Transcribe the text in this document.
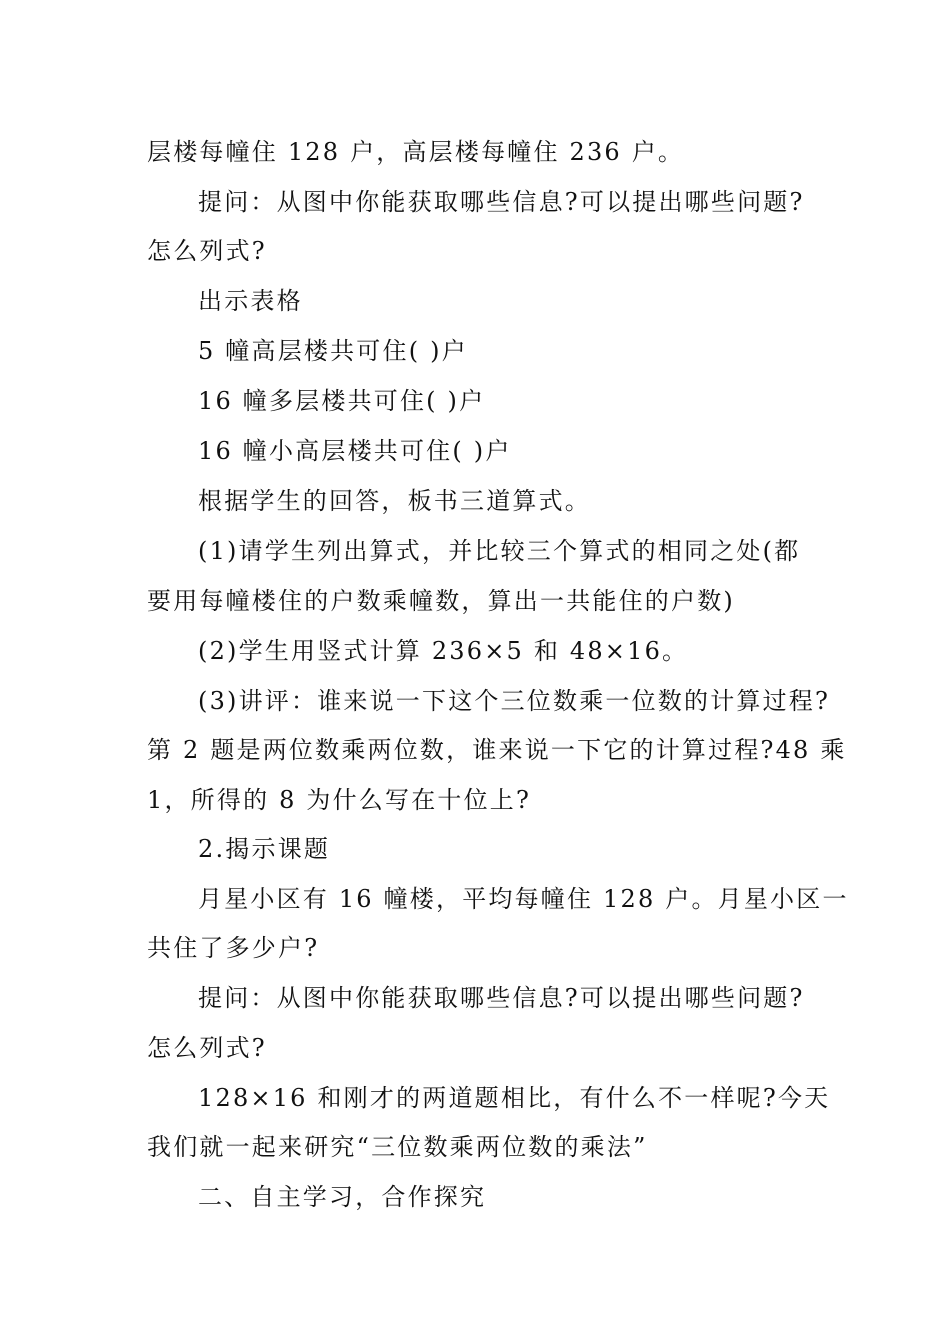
层楼每幢住 128 户，高层楼每幢住 236 户。
提问：从图中你能获取哪些信息?可以提出哪些问题?
怎么列式?
出示表格
5 幢高层楼共可住( )户
16 幢多层楼共可住( )户
16 幢小高层楼共可住( )户
根据学生的回答，板书三道算式。
(1)请学生列出算式，并比较三个算式的相同之处(都
要用每幢楼住的户数乘幢数，算出一共能住的户数)
(2)学生用竖式计算 236×5 和 48×16。
(3)讲评：谁来说一下这个三位数乘一位数的计算过程?
第 2 题是两位数乘两位数，谁来说一下它的计算过程?48 乘
1，所得的 8 为什么写在十位上?
2.揭示课题
月星小区有 16 幢楼，平均每幢住 128 户。月星小区一
共住了多少户?
提问：从图中你能获取哪些信息?可以提出哪些问题?
怎么列式?
128×16 和刚才的两道题相比，有什么不一样呢?今天
我们就一起来研究“三位数乘两位数的乘法”
二、自主学习，合作探究
